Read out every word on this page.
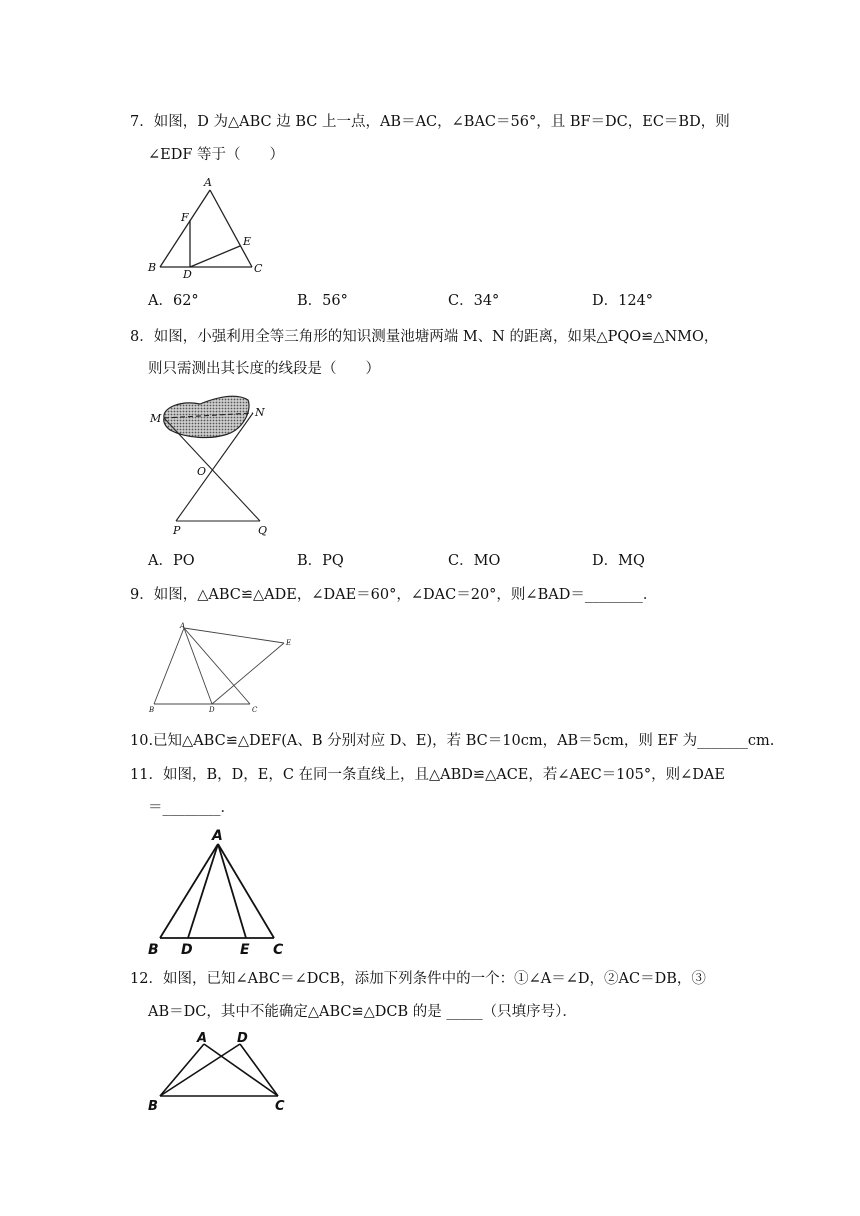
7．如图，D 为△ABC 边 BC 上一点，AB＝AC，∠BAC＝56°，且 BF＝DC，EC＝BD，则
∠EDF 等于（　　）
A
F
E
B
D	C
A．62°	B．56°	C．34°	D．124°
8．如图，小强利用全等三角形的知识测量池塘两端 M、N 的距离，如果△PQO≌△NMO，
则只需测出其长度的线段是（　　）
M	N
O
P	Q
A．PO	B．PQ	C．MO	D．MQ
9．如图，△ABC≌△ADE，∠DAE＝60°，∠DAC＝20°，则∠BAD＝________．
A
E
B	D	C
10.已知△ABC≌△DEF(A、B 分别对应 D、E)，若 BC＝10cm，AB＝5cm，则 EF 为_______cm.
11．如图，B，D，E，C 在同一条直线上，且△ABD≌△ACE，若∠AEC＝105°，则∠DAE
＝________．
A
B D	E C
12．如图，已知∠ABC＝∠DCB，添加下列条件中的一个：①∠A＝∠D，②AC＝DB，③
AB＝DC，其中不能确定△ABC≌△DCB 的是 _____（只填序号）．
A D
B	C
